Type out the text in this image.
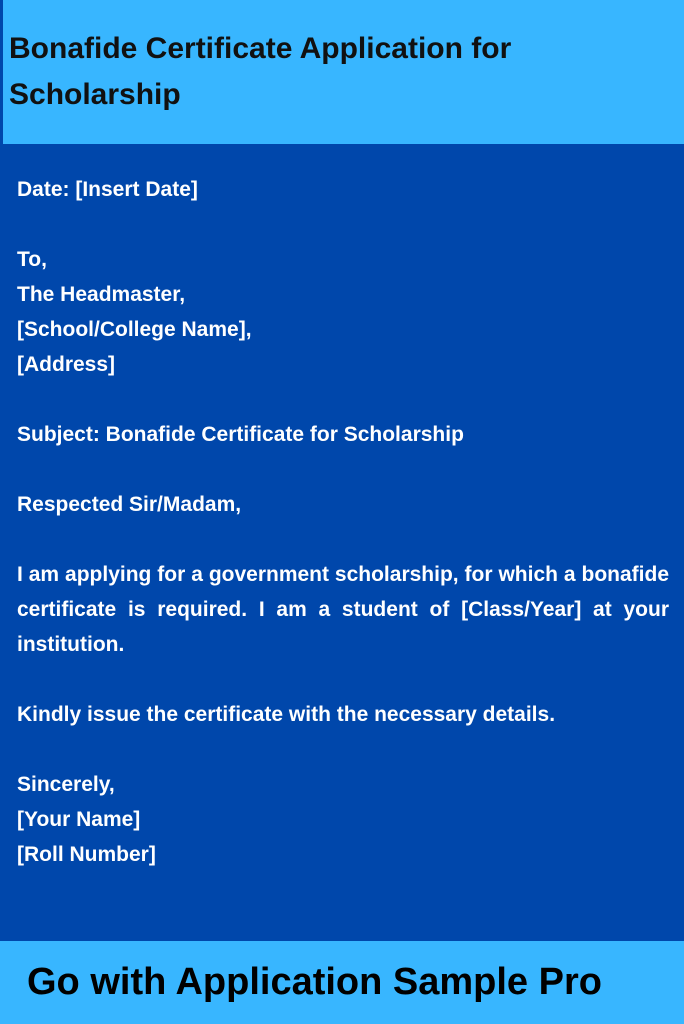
Bonafide Certificate Application for Scholarship
Date: [Insert Date]
To,
The Headmaster,
[School/College Name],
[Address]
Subject: Bonafide Certificate for Scholarship
Respected Sir/Madam,
I am applying for a government scholarship, for which a bonafide certificate is required. I am a student of [Class/Year] at your institution.
Kindly issue the certificate with the necessary details.
Sincerely,
[Your Name]
[Roll Number]

Go with Application Sample Pro
